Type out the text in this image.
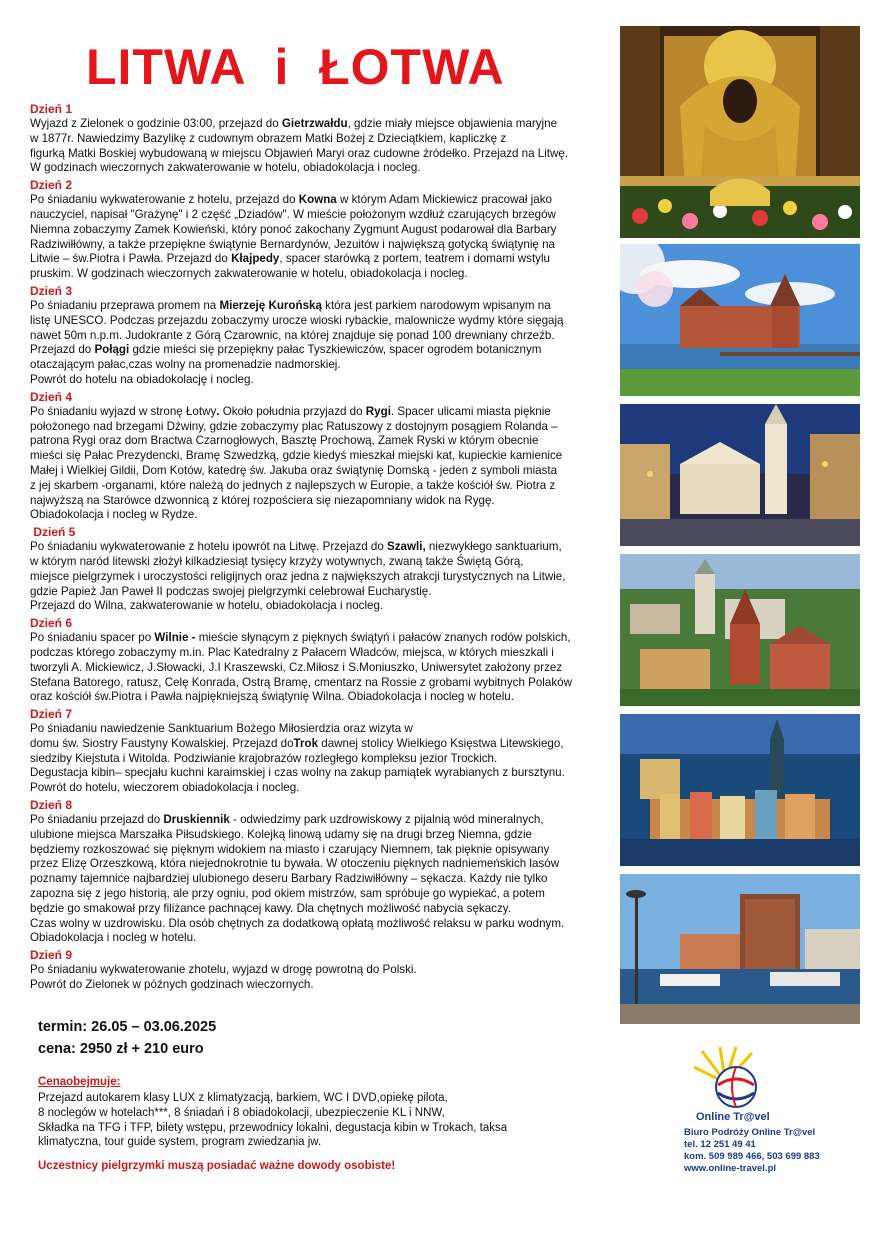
LITWA  i  ŁOTWA
Dzień 1

Wyjazd z Zielonek o godzinie 03:00, przejazd do Gietrzwałdu, gdzie miały miejsce objawienia maryjne
w 1877r. Nawiedzimy Bazylikę z cudownym obrazem Matki Bożej z Dzieciątkiem, kapliczkę z
figurką Matki Boskiej wybudowaną w miejscu Objawień Maryi oraz cudowne źródełko. Przejazd na Litwę.
W godzinach wieczornych zakwaterowanie w hotelu, obiadokolacja i nocleg.

Dzień 2

Po śniadaniu wykwaterowanie z hotelu, przejazd do Kowna w którym Adam Mickiewicz pracował jako
nauczyciel, napisał "Grażynę" i 2 część „Dziadów". W mieście położonym wzdłuż czarujących brzegów
Niemna zobaczymy Zamek Kowieński, który ponoć zakochany Zygmunt August podarował dla Barbary
Radziwiłłówny, a także przepiękne świątynie Bernardynów, Jezuitów i największą gotycką świątynię na
Litwie – św.Piotra i Pawła. Przejazd do Kłajpedy, spacer starówką z portem, teatrem i domami wstylu
pruskim. W godzinach wieczornych zakwaterowanie w hotelu, obiadokolacja i nocleg.

Dzień 3

Po śniadaniu przeprawa promem na Mierzeję Kurońską która jest parkiem narodowym wpisanym na
listę UNESCO. Podczas przejazdu zobaczymy urocze wioski rybackie, malownicze wydmy które sięgają
nawet 50m n.p.m. Judokrante z Górą Czarownic, na której znajduje się ponad 100 drewniany chrzeźb.
Przejazd do Połągi gdzie mieści się przepiękny pałac Tyszkiewiczów, spacer ogrodem botanicznym
otaczającym pałac,czas wolny na promenadzie nadmorskiej.
Powrót do hotelu na obiadokolację i nocleg.

Dzień 4

Po śniadaniu wyjazd w stronę Łotwy. Około południa przyjazd do Rygi. Spacer ulicami miasta pięknie
położonego nad brzegami Dźwiny, gdzie zobaczymy plac Ratuszowy z dostojnym posągiem Rolanda –
patrona Rygi oraz dom Bractwa Czarnogłowych, Basztę Prochową, Zamek Ryski w którym obecnie
mieści się Pałac Prezydencki, Bramę Szwedzką, gdzie kiedyś mieszkał miejski kat, kupieckie kamienice
Małej i Wielkiej Gildii, Dom Kotów, katedrę św. Jakuba oraz świątynię Domską - jeden z symboli miasta
z jej skarbem -organami, które należą do jednych z najlepszych w Europie, a także kościół św. Piotra z
najwyższą na Starówce dzwonnicą z której rozpościera się niezapomniany widok na Rygę.
Obiadokolacja i nocleg w Rydze.

Dzień 5

Po śniadaniu wykwaterowanie z hotelu ipowrót na Litwę. Przejazd do Szawli, niezwykłego sanktuarium,
w którym naród litewski złożył kilkadziesiąt tysięcy krzyży wotywnych, zwaną także Świętą Górą,
miejsce pielgrzymek i uroczystości religijnych oraz jedna z największych atrakcji turystycznych na Litwie,
gdzie Papież Jan Paweł II podczas swojej pielgrzymki celebrował Eucharystię.
Przejazd do Wilna, zakwaterowanie w hotelu, obiadokolacja i nocleg.

Dzień 6

Po śniadaniu spacer po Wilnie - mieście słynącym z pięknych świątyń i pałaców znanych rodów polskich,
podczas którego zobaczymy m.in. Plac Katedralny z Pałacem Władców, miejsca, w których mieszkali i
tworzyli A. Mickiewicz, J.Słowacki, J.I Kraszewski, Cz.Miłosz i S.Moniuszko, Uniwersytet założony przez
Stefana Batorego, ratusz, Celę Konrada, Ostrą Bramę, cmentarz na Rossie z grobami wybitnych Polaków
oraz kościół św.Piotra i Pawła najpiękniejszą świątynię Wilna. Obiadokolacja i nocleg w hotelu.

Dzień 7

Po śniadaniu nawiedzenie Sanktuarium Bożego Miłosierdzia oraz wizyta w
domu św. Siostry Faustyny Kowalskiej. Przejazd doTrok dawnej stolicy Wielkiego Księstwa Litewskiego,
siedziby Kiejstuta i Witolda. Podziwianie krajobrazów rozległego kompleksu jezior Trockich.
Degustacja kibin– specjału kuchni karaimskiej i czas wolny na zakup pamiątek wyrabianych z bursztynu.
Powrót do hotelu, wieczorem obiadokolacja i nocleg.

Dzień 8

Po śniadaniu przejazd do Druskiennik - odwiedzimy park uzdrowiskowy z pijalnią wód mineralnych,
ulubione miejsca Marszałka Piłsudskiego. Kolejką linową udamy się na drugi brzeg Niemna, gdzie
będziemy rozkoszować się pięknym widokiem na miasto i czarujący Niemnem, tak pięknie opisywany
przez Elizę Orzeszkową, która niejednokrotnie tu bywała. W otoczeniu pięknych nadniemeńskich lasów
poznamy tajemnice najbardziej ulubionego deseru Barbary Radziwiłłówny – sękacza. Każdy nie tylko
zapozna się z jego historią, ale przy ogniu, pod okiem mistrzów, sam spróbuje go wypiekać, a potem
będzie go smakował przy filiżance pachnącej kawy. Dla chętnych możliwość nabycia sękaczy.
Czas wolny w uzdrowisku. Dla osób chętnych za dodatkową opłatą możliwość relaksu w parku wodnym.
Obiadokolacja i nocleg w hotelu.

Dzień 9

Po śniadaniu wykwaterowanie zhotelu, wyjazd w drogę powrotną do Polski.
Powrót do Zielonek w późnych godzinach wieczornych.

termin: 26.05 – 03.06.2025
cena: 2950 zł + 210 euro
Cenaobejmuje:

Przejazd autokarem klasy LUX z klimatyzacją, barkiem, WC I DVD,opiekę pilota,
8 noclegów w hotelach***, 8 śniadań i 8 obiadokolacji, ubezpieczenie KL i NNW,
Składka na TFG i TFP, bilety wstępu, przewodnicy lokalni, degustacja kibin w Trokach, taksa
klimatyczna, tour guide system, program zwiedzania jw.

Uczestnicy pielgrzymki muszą posiadać ważne dowody osobiste!
Online Tr@vel
Biuro Podróży Online Tr@vel
tel. 12 251 49 41
kom. 509 989 466, 503 699 883
www.online-travel.pl
